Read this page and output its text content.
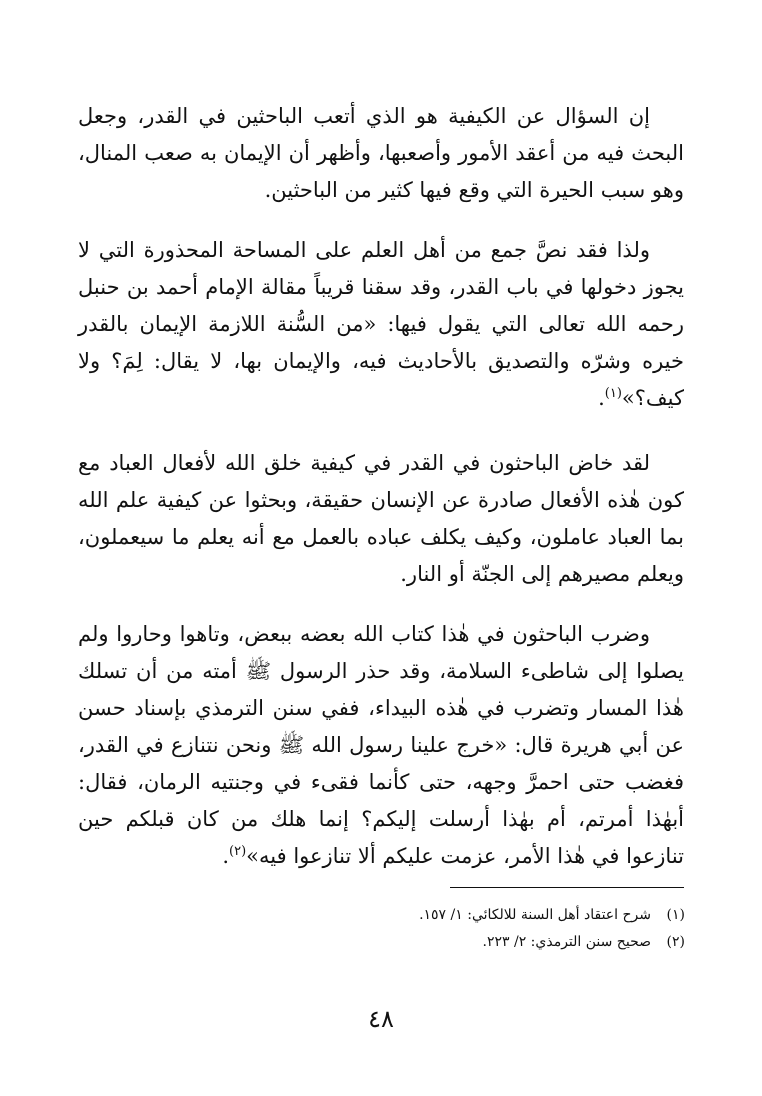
إن السؤال عن الكيفية هو الذي أتعب الباحثين في القدر، وجعل البحث فيه من أعقد الأمور وأصعبها، وأظهر أن الإيمان به صعب المنال، وهو سبب الحيرة التي وقع فيها كثير من الباحثين.

ولذا فقد نصَّ جمع من أهل العلم على المساحة المحذورة التي لا يجوز دخولها في باب القدر، وقد سقنا قريباً مقالة الإمام أحمد بن حنبل رحمه الله تعالى التي يقول فيها: «من السُّنة اللازمة الإيمان بالقدر خيره وشرّه والتصديق بالأحاديث فيه، والإيمان بها، لا يقال: لِمَ؟ ولا كيف؟»$^{(١)}$.

لقد خاض الباحثون في القدر في كيفية خلق الله لأفعال العباد مع كون هٰذه الأفعال صادرة عن الإنسان حقيقة، وبحثوا عن كيفية علم الله بما العباد عاملون، وكيف يكلف عباده بالعمل مع أنه يعلم ما سيعملون، ويعلم مصيرهم إلى الجنّة أو النار.

وضرب الباحثون في هٰذا كتاب الله بعضه ببعض، وتاهوا وحاروا ولم يصلوا إلى شاطىء السلامة، وقد حذر الرسول ﷺ أمته من أن تسلك هٰذا المسار وتضرب في هٰذه البيداء، ففي سنن الترمذي بإسناد حسن عن أبي هريرة قال: «خرج علينا رسول الله ﷺ ونحن نتنازع في القدر، فغضب حتى احمرَّ وجهه، حتى كأنما فقىء في وجنتيه الرمان، فقال: أبهٰذا أمرتم، أم بهٰذا أرسلت إليكم؟ إنما هلك من كان قبلكم حين تنازعوا في هٰذا الأمر، عزمت عليكم ألا تنازعوا فيه»$^{(٢)}$.

(١)
شرح اعتقاد أهل السنة للالكائي: ١/ ١٥٧.
(٢)
صحيح سنن الترمذي: ٢/ ٢٢٣.
٤٨
